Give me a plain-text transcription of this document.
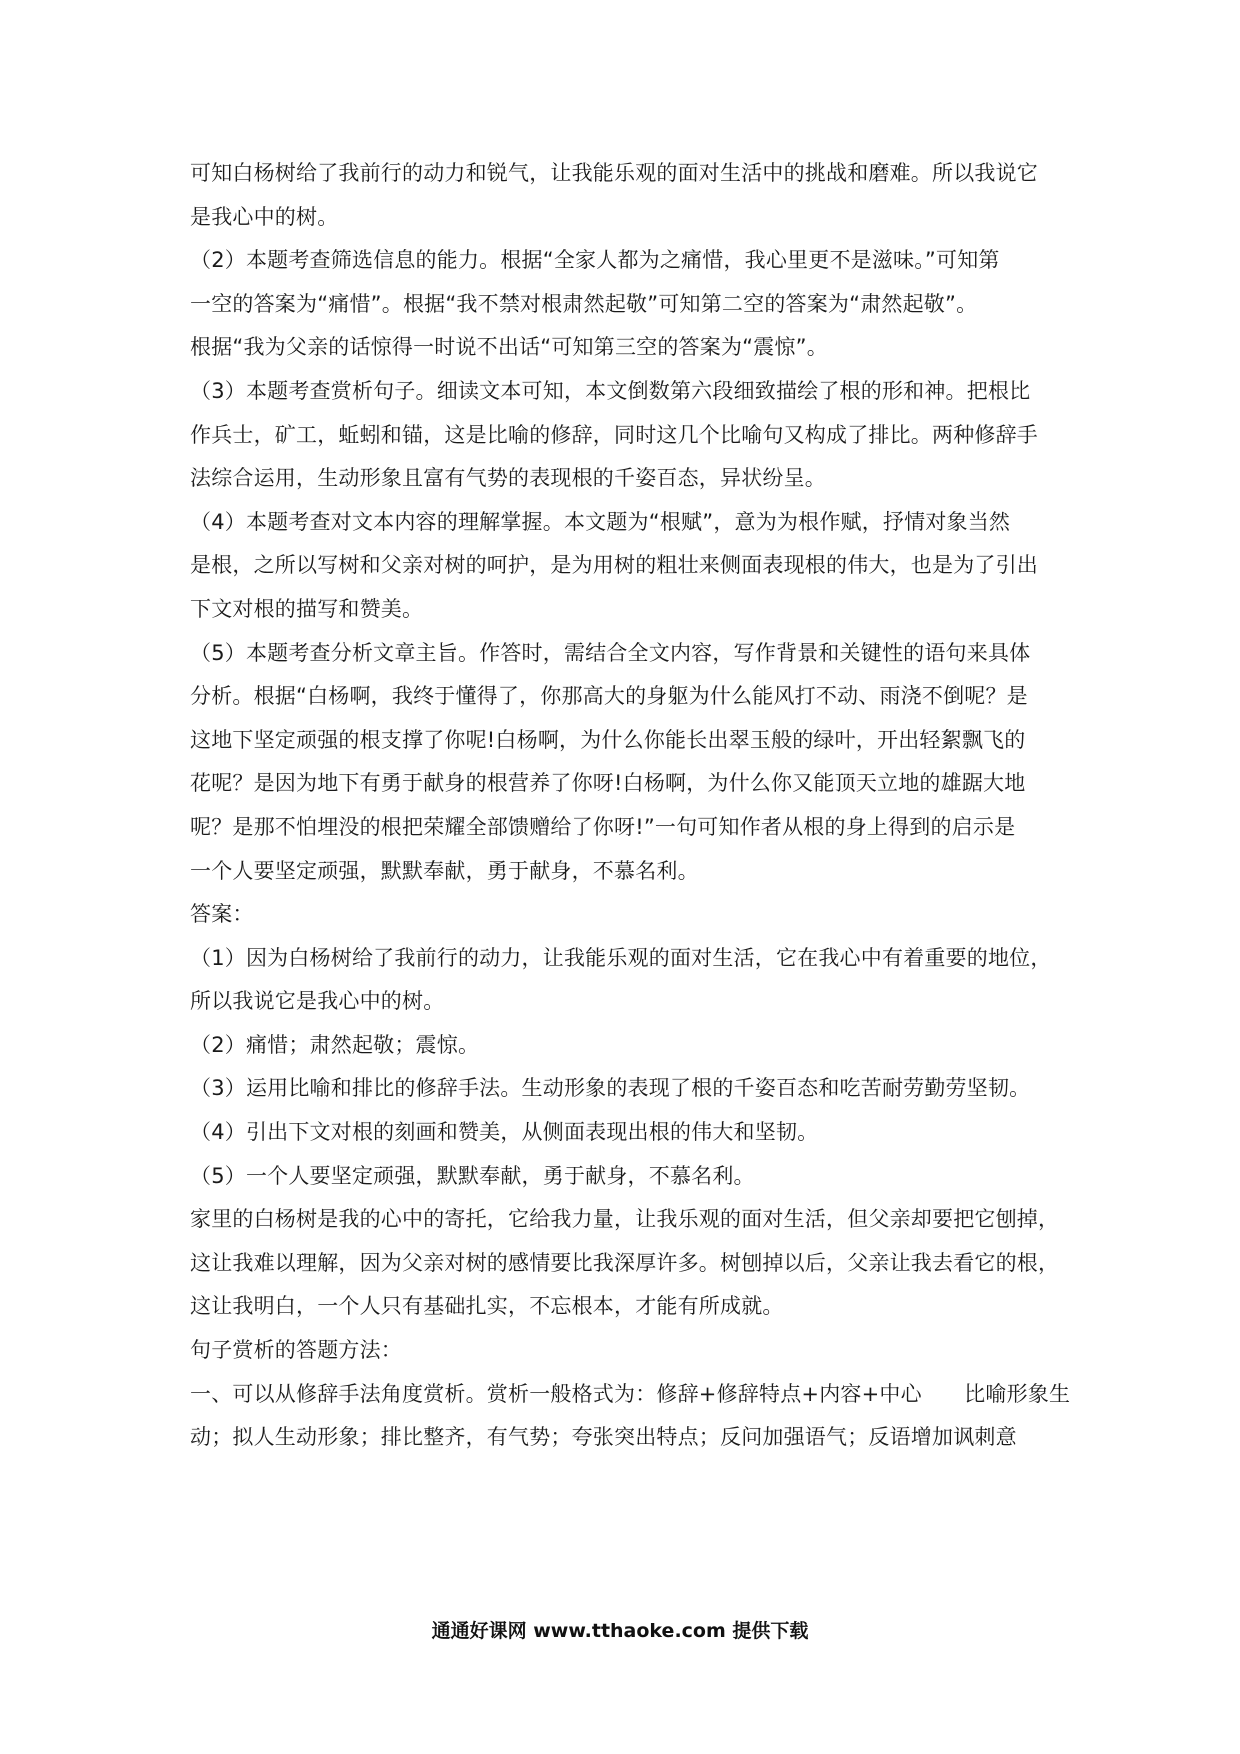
可知白杨树给了我前行的动力和锐气，让我能乐观的面对生活中的挑战和磨难。所以我说它
是我心中的树。
（2）本题考查筛选信息的能力。根据“全家人都为之痛惜，我心里更不是滋味。”可知第
一空的答案为“痛惜”。根据“我不禁对根肃然起敬”可知第二空的答案为“肃然起敬”。
根据“我为父亲的话惊得一时说不出话“可知第三空的答案为“震惊”。
（3）本题考查赏析句子。细读文本可知，本文倒数第六段细致描绘了根的形和神。把根比
作兵士，矿工，蚯蚓和锚，这是比喻的修辞，同时这几个比喻句又构成了排比。两种修辞手
法综合运用，生动形象且富有气势的表现根的千姿百态，异状纷呈。
（4）本题考查对文本内容的理解掌握。本文题为“根赋”，意为为根作赋，抒情对象当然
是根，之所以写树和父亲对树的呵护，是为用树的粗壮来侧面表现根的伟大，也是为了引出
下文对根的描写和赞美。
（5）本题考查分析文章主旨。作答时，需结合全文内容，写作背景和关键性的语句来具体
分析。根据“白杨啊，我终于懂得了，你那高大的身躯为什么能风打不动、雨浇不倒呢？是
这地下坚定顽强的根支撑了你呢!白杨啊，为什么你能长出翠玉般的绿叶，开出轻絮飘飞的
花呢？是因为地下有勇于献身的根营养了你呀!白杨啊，为什么你又能顶天立地的雄踞大地
呢？是那不怕埋没的根把荣耀全部馈赠给了你呀!”一句可知作者从根的身上得到的启示是
一个人要坚定顽强，默默奉献，勇于献身，不慕名利。
答案：
（1）因为白杨树给了我前行的动力，让我能乐观的面对生活，它在我心中有着重要的地位，
所以我说它是我心中的树。
（2）痛惜；肃然起敬；震惊。
（3）运用比喻和排比的修辞手法。生动形象的表现了根的千姿百态和吃苦耐劳勤劳坚韧。
（4）引出下文对根的刻画和赞美，从侧面表现出根的伟大和坚韧。
（5）一个人要坚定顽强，默默奉献，勇于献身，不慕名利。
家里的白杨树是我的心中的寄托，它给我力量，让我乐观的面对生活，但父亲却要把它刨掉，
这让我难以理解，因为父亲对树的感情要比我深厚许多。树刨掉以后，父亲让我去看它的根，
这让我明白，一个人只有基础扎实，不忘根本，才能有所成就。
句子赏析的答题方法：
一、可以从修辞手法角度赏析。赏析一般格式为：修辞+修辞特点+内容+中心　　比喻形象生
动；拟人生动形象；排比整齐，有气势；夸张突出特点；反问加强语气；反语增加讽刺意
通通好课网 www.tthaoke.com 提供下载
